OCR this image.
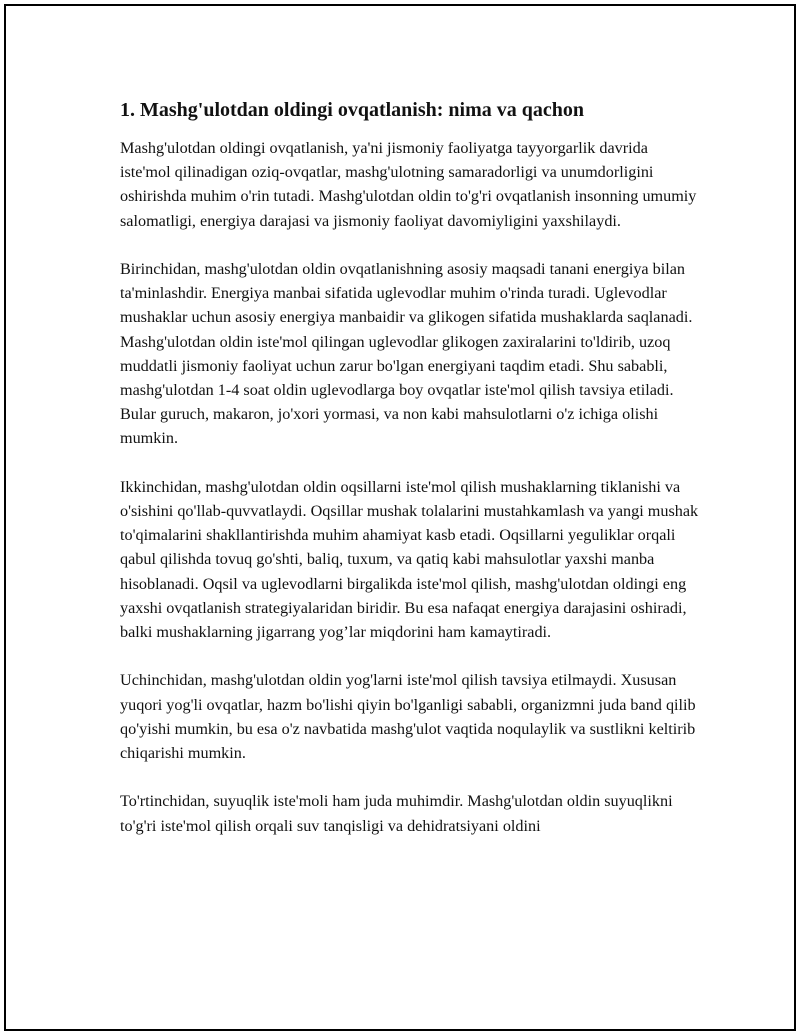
1. Mashg'ulotdan oldingi ovqatlanish: nima va qachon

Mashg'ulotdan oldingi ovqatlanish, ya'ni jismoniy faoliyatga tayyorgarlik davrida iste'mol qilinadigan oziq-ovqatlar, mashg'ulotning samaradorligi va unumdorligini oshirishda muhim o'rin tutadi. Mashg'ulotdan oldin to'g'ri ovqatlanish insonning umumiy salomatligi, energiya darajasi va jismoniy faoliyat davomiyligini yaxshilaydi.

Birinchidan, mashg'ulotdan oldin ovqatlanishning asosiy maqsadi tanani energiya bilan ta'minlashdir. Energiya manbai sifatida uglevodlar muhim o'rinda turadi. Uglevodlar mushaklar uchun asosiy energiya manbaidir va glikogen sifatida mushaklarda saqlanadi. Mashg'ulotdan oldin iste'mol qilingan uglevodlar glikogen zaxiralarini to'ldirib, uzoq muddatli jismoniy faoliyat uchun zarur bo'lgan energiyani taqdim etadi. Shu sababli, mashg'ulotdan 1-4 soat oldin uglevodlarga boy ovqatlar iste'mol qilish tavsiya etiladi. Bular guruch, makaron, jo'xori yormasi, va non kabi mahsulotlarni o'z ichiga olishi mumkin.

Ikkinchidan, mashg'ulotdan oldin oqsillarni iste'mol qilish mushaklarning tiklanishi va o'sishini qo'llab-quvvatlaydi. Oqsillar mushak tolalarini mustahkamlash va yangi mushak to'qimalarini shakllantirishda muhim ahamiyat kasb etadi. Oqsillarni yeguliklar orqali qabul qilishda tovuq go'shti, baliq, tuxum, va qatiq kabi mahsulotlar yaxshi manba hisoblanadi. Oqsil va uglevodlarni birgalikda iste'mol qilish, mashg'ulotdan oldingi eng yaxshi ovqatlanish strategiyalaridan biridir. Bu esa nafaqat energiya darajasini oshiradi, balki mushaklarning jigarrang yog’lar miqdorini ham kamaytiradi.

Uchinchidan, mashg'ulotdan oldin yog'larni iste'mol qilish tavsiya etilmaydi. Xususan yuqori yog'li ovqatlar, hazm bo'lishi qiyin bo'lganligi sababli, organizmni juda band qilib qo'yishi mumkin, bu esa o'z navbatida mashg'ulot vaqtida noqulaylik va sustlikni keltirib chiqarishi mumkin.

To'rtinchidan, suyuqlik iste'moli ham juda muhimdir. Mashg'ulotdan oldin suyuqlikni to'g'ri iste'mol qilish orqali suv tanqisligi va dehidratsiyani oldini
